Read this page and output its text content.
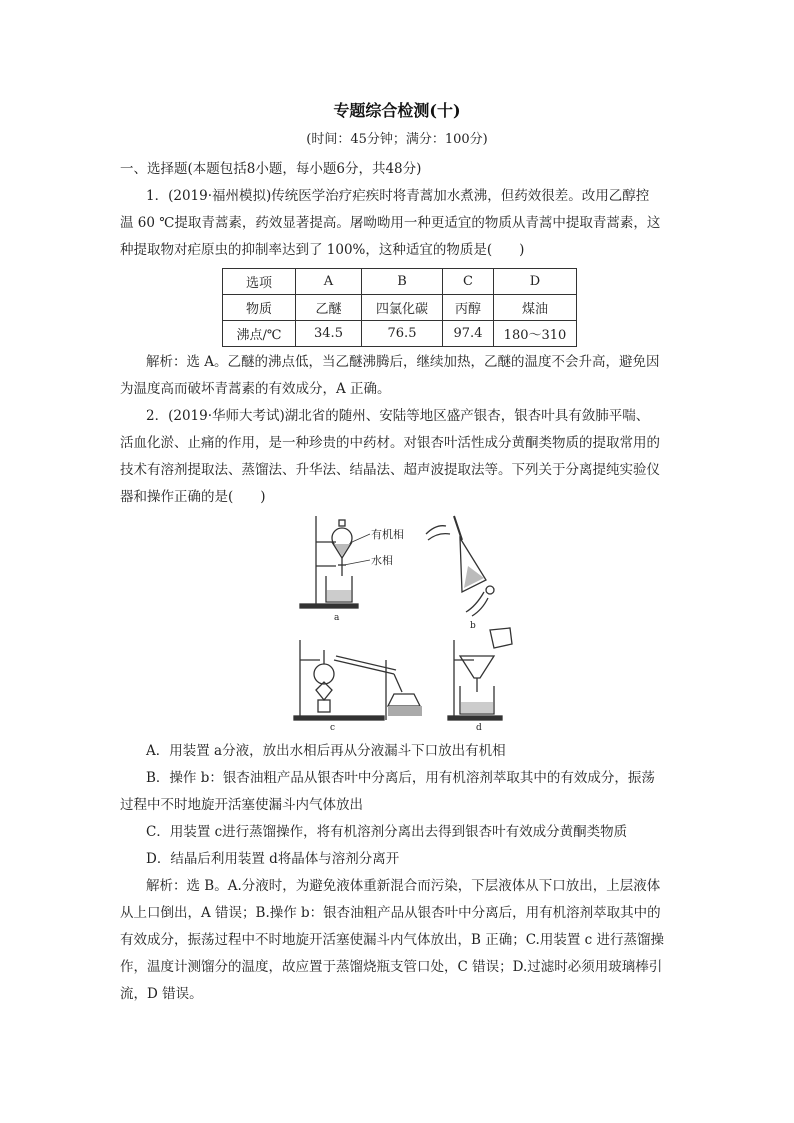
专题综合检测(十)
(时间：45分钟；满分：100分)
一、选择题(本题包括8小题，每小题6分，共48分)
1．(2019·福州模拟)传统医学治疗疟疾时将青蒿加水煮沸，但药效很差。改用乙醇控
温 60 ℃提取青蒿素，药效显著提高。屠呦呦用一种更适宜的物质从青蒿中提取青蒿素，这
种提取物对疟原虫的抑制率达到了 100%，这种适宜的物质是(　　)
选项	A	B	C	D
物质	乙醚	四氯化碳	丙醇	煤油
沸点/℃	34.5	76.5	97.4	180～310
解析：选 A。乙醚的沸点低，当乙醚沸腾后，继续加热，乙醚的温度不会升高，避免因
为温度高而破坏青蒿素的有效成分，A 正确。
2．(2019·华师大考试)湖北省的随州、安陆等地区盛产银杏，银杏叶具有敛肺平喘、
活血化淤、止痛的作用，是一种珍贵的中药材。对银杏叶活性成分黄酮类物质的提取常用的
技术有溶剂提取法、蒸馏法、升华法、结晶法、超声波提取法等。下列关于分离提纯实验仪
器和操作正确的是(　　)
有机相
水相
a
b
c	d
A．用装置 a分液，放出水相后再从分液漏斗下口放出有机相
B．操作 b：银杏油粗产品从银杏叶中分离后，用有机溶剂萃取其中的有效成分，振荡
过程中不时地旋开活塞使漏斗内气体放出
C．用装置 c进行蒸馏操作，将有机溶剂分离出去得到银杏叶有效成分黄酮类物质
D．结晶后利用装置 d将晶体与溶剂分离开
解析：选 B。A.分液时，为避免液体重新混合而污染，下层液体从下口放出，上层液体
从上口倒出，A 错误；B.操作 b：银杏油粗产品从银杏叶中分离后，用有机溶剂萃取其中的
有效成分，振荡过程中不时地旋开活塞使漏斗内气体放出，B 正确；C.用装置 c 进行蒸馏操
作，温度计测馏分的温度，故应置于蒸馏烧瓶支管口处，C 错误；D.过滤时必须用玻璃棒引
流，D 错误。
